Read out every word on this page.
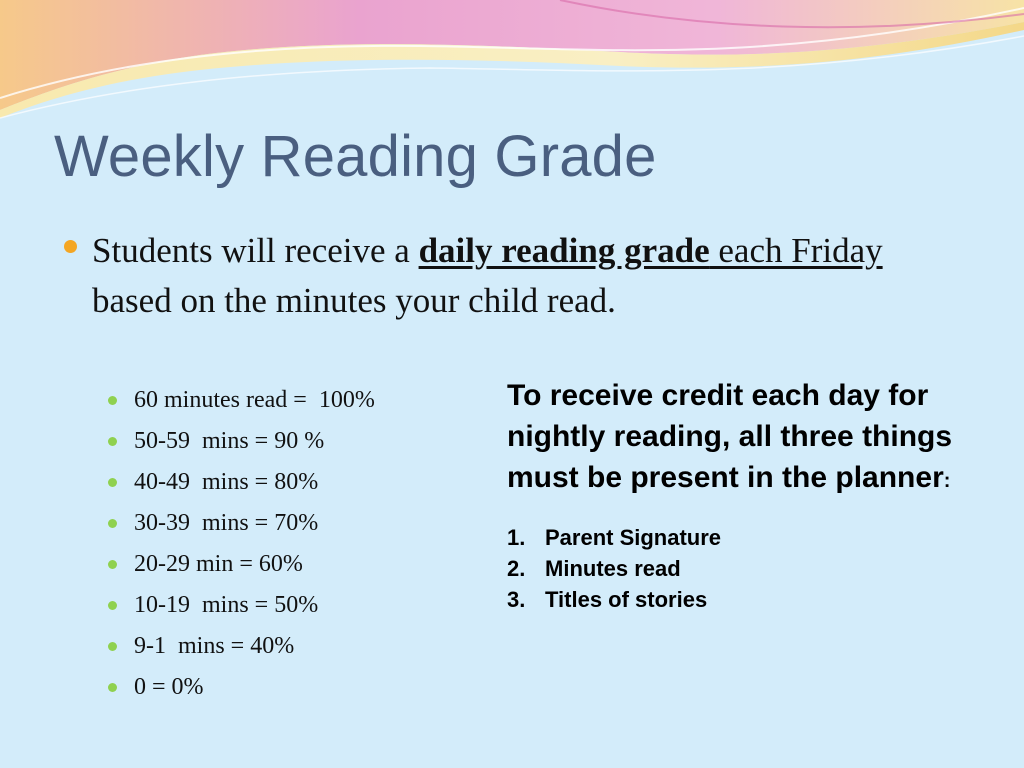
Weekly Reading Grade
Students will receive a daily reading grade each Friday based on the minutes your child read.
60 minutes read =  100%
50-59  mins = 90 %
40-49  mins = 80%
30-39  mins = 70%
20-29 min = 60%
10-19  mins = 50%
9-1  mins = 40%
0 = 0%
To receive credit each day for nightly reading, all three things must be present in the planner:
1. Parent Signature
2. Minutes read
3. Titles of stories
